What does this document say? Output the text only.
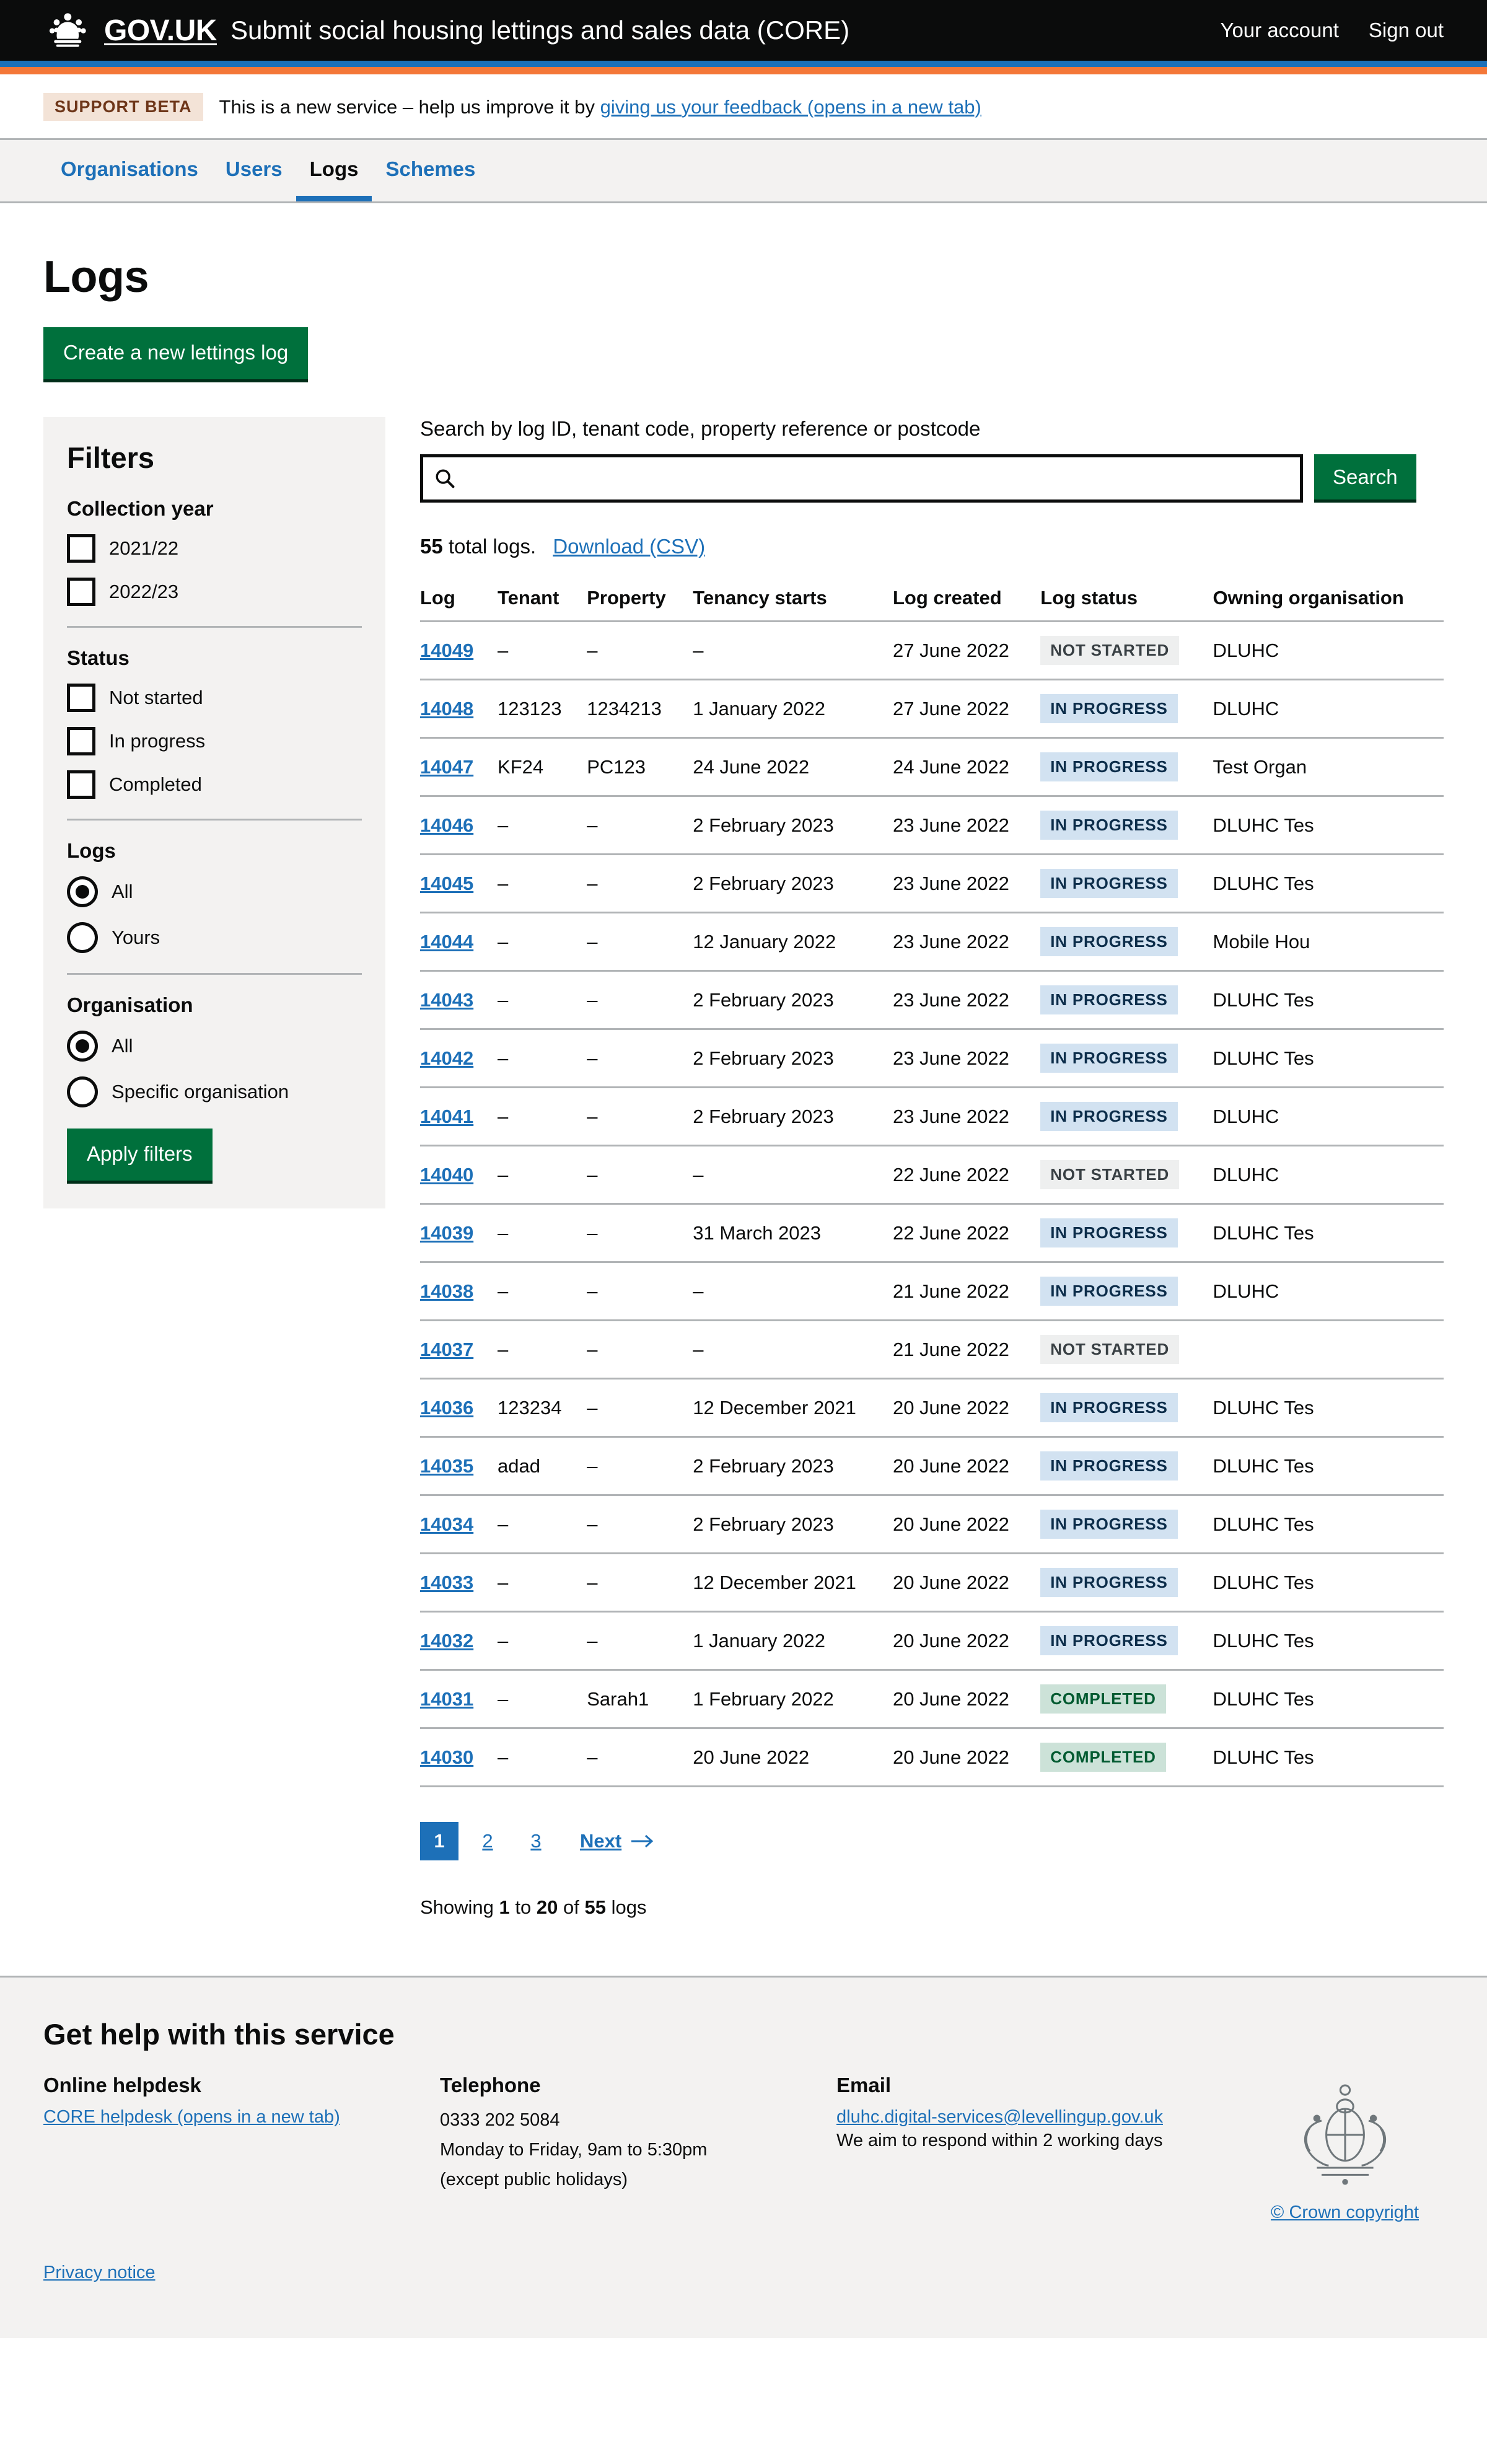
GOV.UK Submit social housing lettings and sales data (CORE)	Your account Sign out
SUPPORT BETA	This is a new service – help us improve it by giving us your feedback (opens in a new tab)
Organisations	Users	Logs	Schemes
Logs
Create a new lettings log
Filters
Collection year
2021/22
2022/23
Status
Not started
In progress
Completed
Logs
All
Yours
Organisation
All
Specific organisation
Apply filters

Search by log ID, tenant code, property reference or postcode

Search

55 total logs. Download (CSV)

Log	Tenant	Property	Tenancy starts	Log created	Log status	Owning organisation
14049	–	–	–	27 June 2022	NOT STARTED	DLUHC
14048	123123	1234213	1 January 2022	27 June 2022	IN PROGRESS	DLUHC
14047	KF24	PC123	24 June 2022	24 June 2022	IN PROGRESS	Test Organ
14046	–	–	2 February 2023	23 June 2022	IN PROGRESS	DLUHC Tes
14045	–	–	2 February 2023	23 June 2022	IN PROGRESS	DLUHC Tes
14044	–	–	12 January 2022	23 June 2022	IN PROGRESS	Mobile Hou
14043	–	–	2 February 2023	23 June 2022	IN PROGRESS	DLUHC Tes
14042	–	–	2 February 2023	23 June 2022	IN PROGRESS	DLUHC Tes
14041	–	–	2 February 2023	23 June 2022	IN PROGRESS	DLUHC
14040	–	–	–	22 June 2022	NOT STARTED	DLUHC
14039	–	–	31 March 2023	22 June 2022	IN PROGRESS	DLUHC Tes
14038	–	–	–	21 June 2022	IN PROGRESS	DLUHC
14037	–	–	–	21 June 2022	NOT STARTED	
14036	123234	–	12 December 2021	20 June 2022	IN PROGRESS	DLUHC Tes
14035	adad	–	2 February 2023	20 June 2022	IN PROGRESS	DLUHC Tes
14034	–	–	2 February 2023	20 June 2022	IN PROGRESS	DLUHC Tes
14033	–	–	12 December 2021	20 June 2022	IN PROGRESS	DLUHC Tes
14032	–	–	1 January 2022	20 June 2022	IN PROGRESS	DLUHC Tes
14031	–	Sarah1	1 February 2022	20 June 2022	COMPLETED	DLUHC Tes
14030	–	–	20 June 2022	20 June 2022	COMPLETED	DLUHC Tes
1	2	3	Next

Showing 1 to 20 of 55 logs

Get help with this service
Online helpdesk
CORE helpdesk (opens in a new tab)
Telephone
0333 202 5084
Monday to Friday, 9am to 5:30pm
(except public holidays)
Email
dluhc.digital-services@levellingup.gov.uk
We aim to respond within 2 working days
© Crown copyright

Privacy notice
